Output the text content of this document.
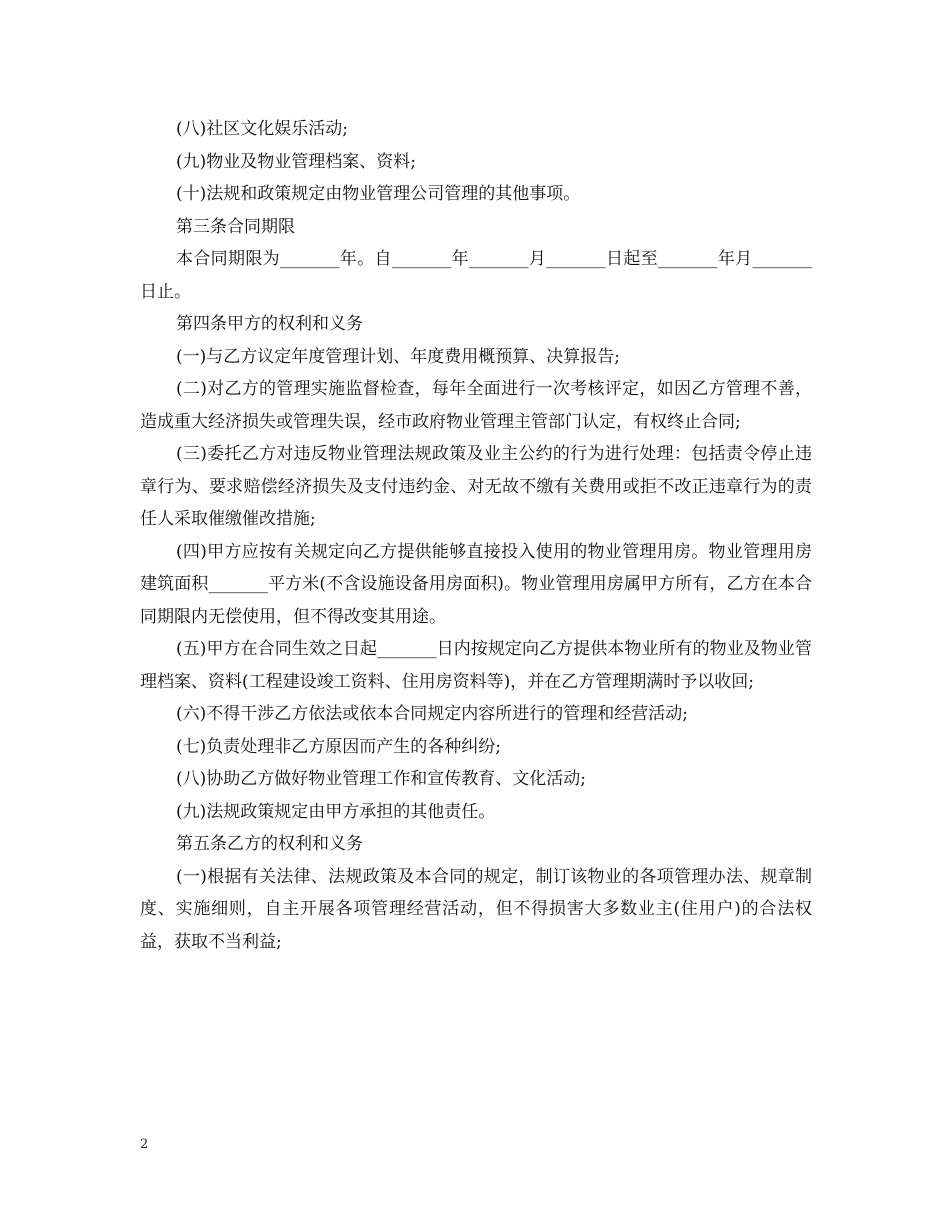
(八)社区文化娱乐活动;

(九)物业及物业管理档案、资料;

(十)法规和政策规定由物业管理公司管理的其他事项。

第三条合同期限

本合同期限为_______年。自_______年_______月_______日起至_______年月_______日止。

第四条甲方的权利和义务

(一)与乙方议定年度管理计划、年度费用概预算、决算报告;

(二)对乙方的管理实施监督检查，每年全面进行一次考核评定，如因乙方管理不善，造成重大经济损失或管理失误，经市政府物业管理主管部门认定，有权终止合同;

(三)委托乙方对违反物业管理法规政策及业主公约的行为进行处理：包括责令停止违章行为、要求赔偿经济损失及支付违约金、对无故不缴有关费用或拒不改正违章行为的责任人采取催缴催改措施;

(四)甲方应按有关规定向乙方提供能够直接投入使用的物业管理用房。物业管理用房建筑面积_______平方米(不含设施设备用房面积)。物业管理用房属甲方所有，乙方在本合同期限内无偿使用，但不得改变其用途。

(五)甲方在合同生效之日起_______日内按规定向乙方提供本物业所有的物业及物业管理档案、资料(工程建设竣工资料、住用房资料等)，并在乙方管理期满时予以收回;

(六)不得干涉乙方依法或依本合同规定内容所进行的管理和经营活动;

(七)负责处理非乙方原因而产生的各种纠纷;

(八)协助乙方做好物业管理工作和宣传教育、文化活动;

(九)法规政策规定由甲方承担的其他责任。

第五条乙方的权利和义务

(一)根据有关法律、法规政策及本合同的规定，制订该物业的各项管理办法、规章制度、实施细则，自主开展各项管理经营活动，但不得损害大多数业主(住用户)的合法权益，获取不当利益;

2
